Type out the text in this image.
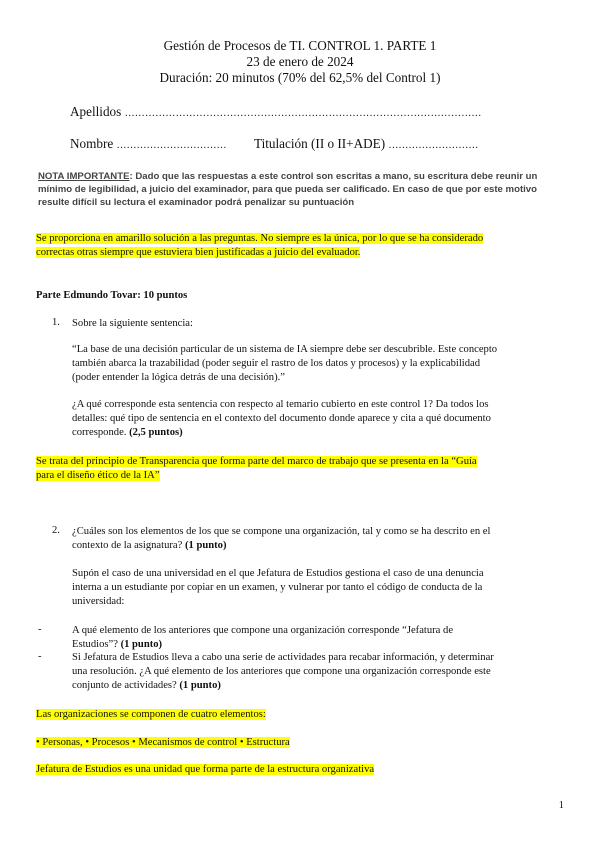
Gestión de Procesos de TI. CONTROL 1. PARTE 1
23 de enero de 2024
Duración: 20 minutos (70% del 62,5% del Control 1)
Apellidos ……………………………………………………………………………………………
Nombre …………………………… Titulación (II o II+ADE) ………………………
NOTA IMPORTANTE: Dado que las respuestas a este control son escritas a mano, su escritura debe reunir un mínimo de legibilidad, a juicio del examinador, para que pueda ser calificado. En caso de que por este motivo resulte difícil su lectura el examinador podrá penalizar su puntuación
Se proporciona en amarillo solución a las preguntas. No siempre es la única, por lo que se ha considerado
correctas otras siempre que estuviera bien justificadas a juicio del evaluador.
Parte Edmundo Tovar: 10 puntos
1. Sobre la siguiente sentencia:
“La base de una decisión particular de un sistema de IA siempre debe ser descubrible. Este concepto
también abarca la trazabilidad (poder seguir el rastro de los datos y procesos) y la explicabilidad
(poder entender la lógica detrás de una decisión).”
¿A qué corresponde esta sentencia con respecto al temario cubierto en este control 1? Da todos los
detalles: qué tipo de sentencia en el contexto del documento donde aparece y cita a qué documento
corresponde. (2,5 puntos)
Se trata del principio de Transparencia que forma parte del marco de trabajo que se presenta en la “Guía
para el diseño ético de la IA”
2. ¿Cuáles son los elementos de los que se compone una organización, tal y como se ha descrito en el
contexto de la asignatura? (1 punto)
Supón el caso de una universidad en el que Jefatura de Estudios gestiona el caso de una denuncia
interna a un estudiante por copiar en un examen, y vulnerar por tanto el código de conducta de la
universidad:
-	A qué elemento de los anteriores que compone una organización corresponde “Jefatura de
Estudios”? (1 punto)
-	Si Jefatura de Estudios lleva a cabo una serie de actividades para recabar información, y determinar
una resolución. ¿A qué elemento de los anteriores que compone una organización corresponde este
conjunto de actividades? (1 punto)
Las organizaciones se componen de cuatro elementos:
• Personas, • Procesos • Mecanismos de control • Estructura
Jefatura de Estudios es una unidad que forma parte de la estructura organizativa
1
